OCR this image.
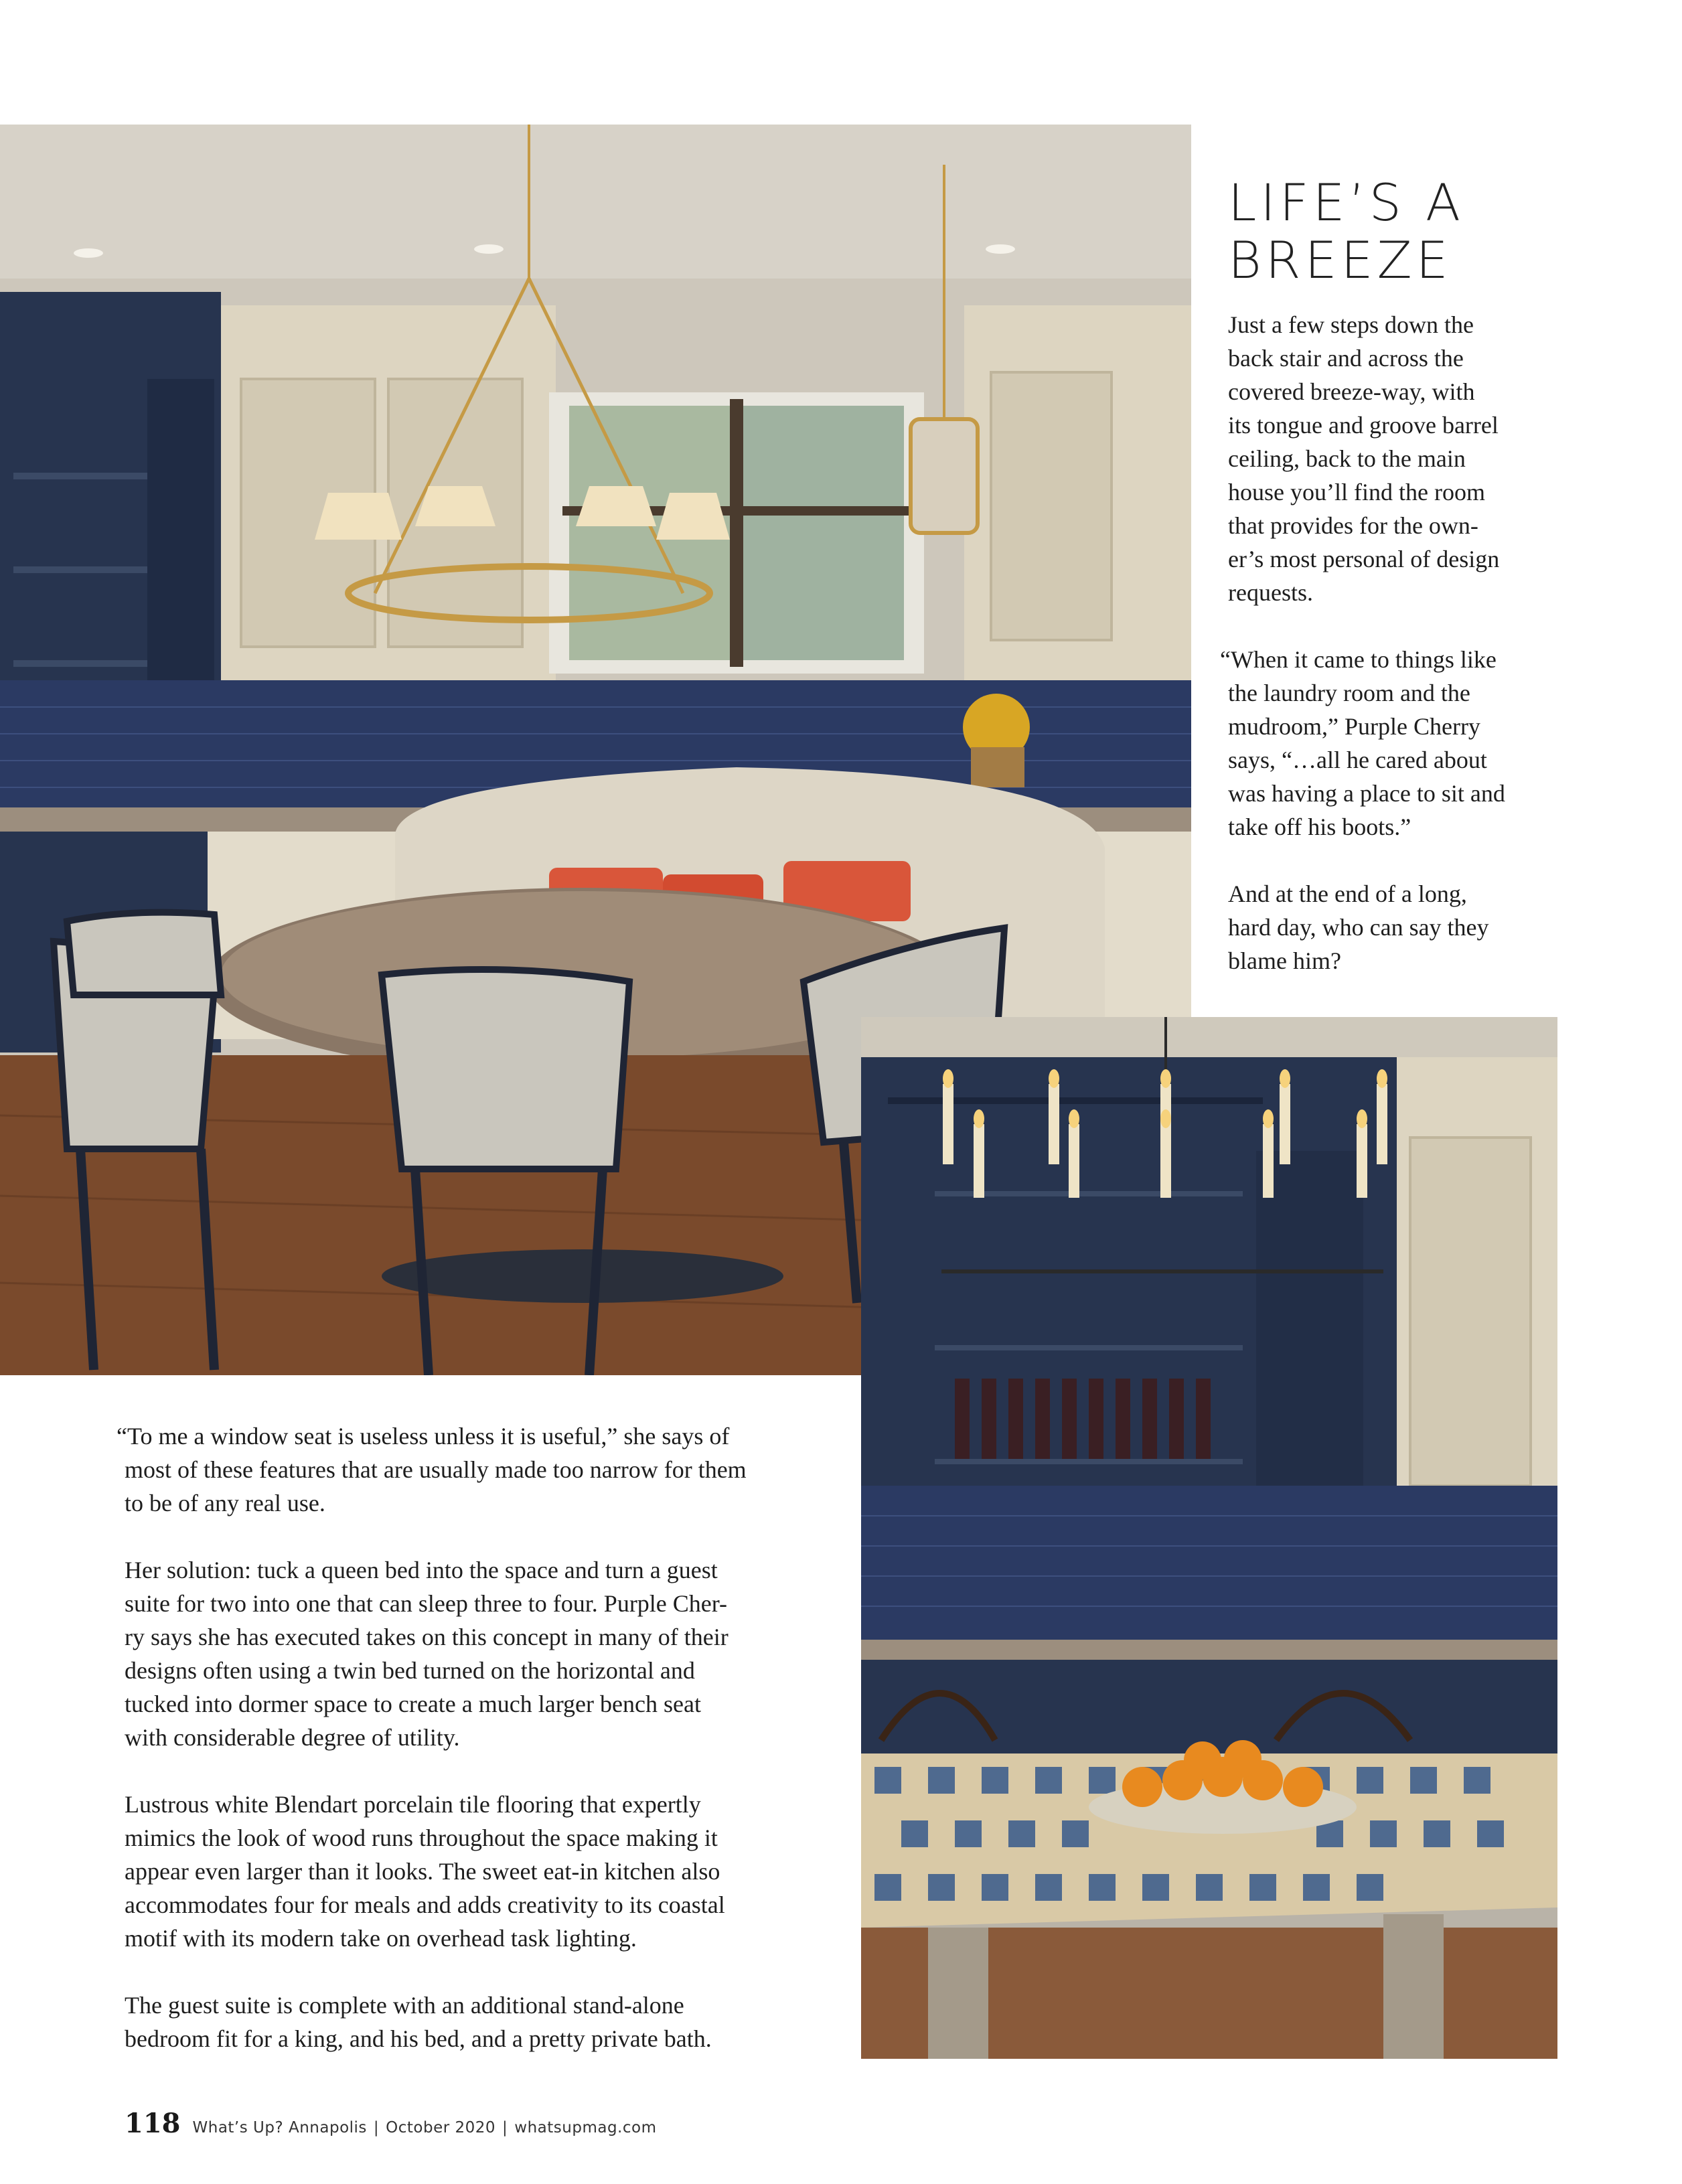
LIFE’S A
BREEZE

Just a few steps down the
back stair and across the
covered breeze-way, with
its tongue and groove barrel
ceiling, back to the main
house you’ll find the room
that provides for the own-
er’s most personal of design
requests.

“When it came to things like
the laundry room and the
mudroom,” Purple Cherry
says, “…all he cared about
was having a place to sit and
take off his boots.”

And at the end of a long,
hard day, who can say they
blame him?

“To me a window seat is useless unless it is useful,” she says of
most of these features that are usually made too narrow for them
to be of any real use.

Her solution: tuck a queen bed into the space and turn a guest
suite for two into one that can sleep three to four. Purple Cher-
ry says she has executed takes on this concept in many of their
designs often using a twin bed turned on the horizontal and
tucked into dormer space to create a much larger bench seat
with considerable degree of utility.

Lustrous white Blendart porcelain tile flooring that expertly
mimics the look of wood runs throughout the space making it
appear even larger than it looks. The sweet eat-in kitchen also
accommodates four for meals and adds creativity to its coastal
motif with its modern take on overhead task lighting.

The guest suite is complete with an additional stand-alone
bedroom fit for a king, and his bed, and a pretty private bath.

118 What’s Up? Annapolis | October 2020 | whatsupmag.com
